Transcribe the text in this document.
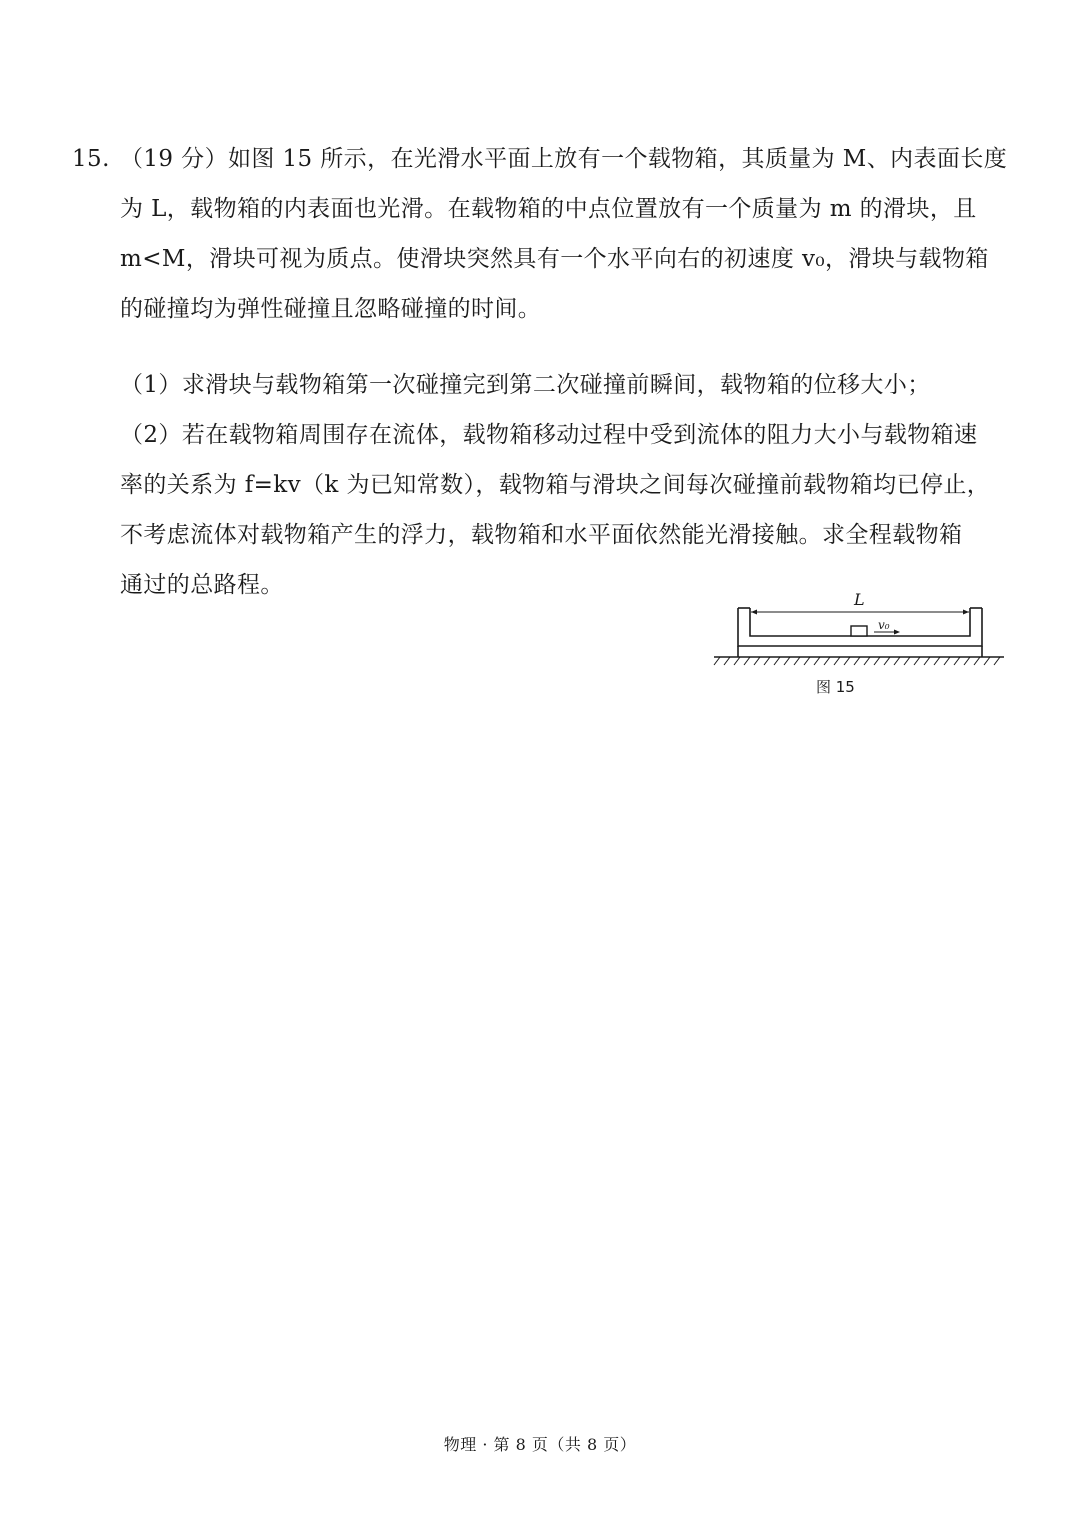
15. （19 分）如图 15 所示，在光滑水平面上放有一个载物箱，其质量为 M、内表面长度
为 L，载物箱的内表面也光滑。在载物箱的中点位置放有一个质量为 m 的滑块，且
m<M，滑块可视为质点。使滑块突然具有一个水平向右的初速度 v₀，滑块与载物箱
的碰撞均为弹性碰撞且忽略碰撞的时间。
（1）求滑块与载物箱第一次碰撞完到第二次碰撞前瞬间，载物箱的位移大小；
（2）若在载物箱周围存在流体，载物箱移动过程中受到流体的阻力大小与载物箱速
率的关系为 f=kv（k 为已知常数），载物箱与滑块之间每次碰撞前载物箱均已停止，
不考虑流体对载物箱产生的浮力，载物箱和水平面依然能光滑接触。求全程载物箱
通过的总路程。
L
v₀
图 15
物理 · 第 8 页（共 8 页）
